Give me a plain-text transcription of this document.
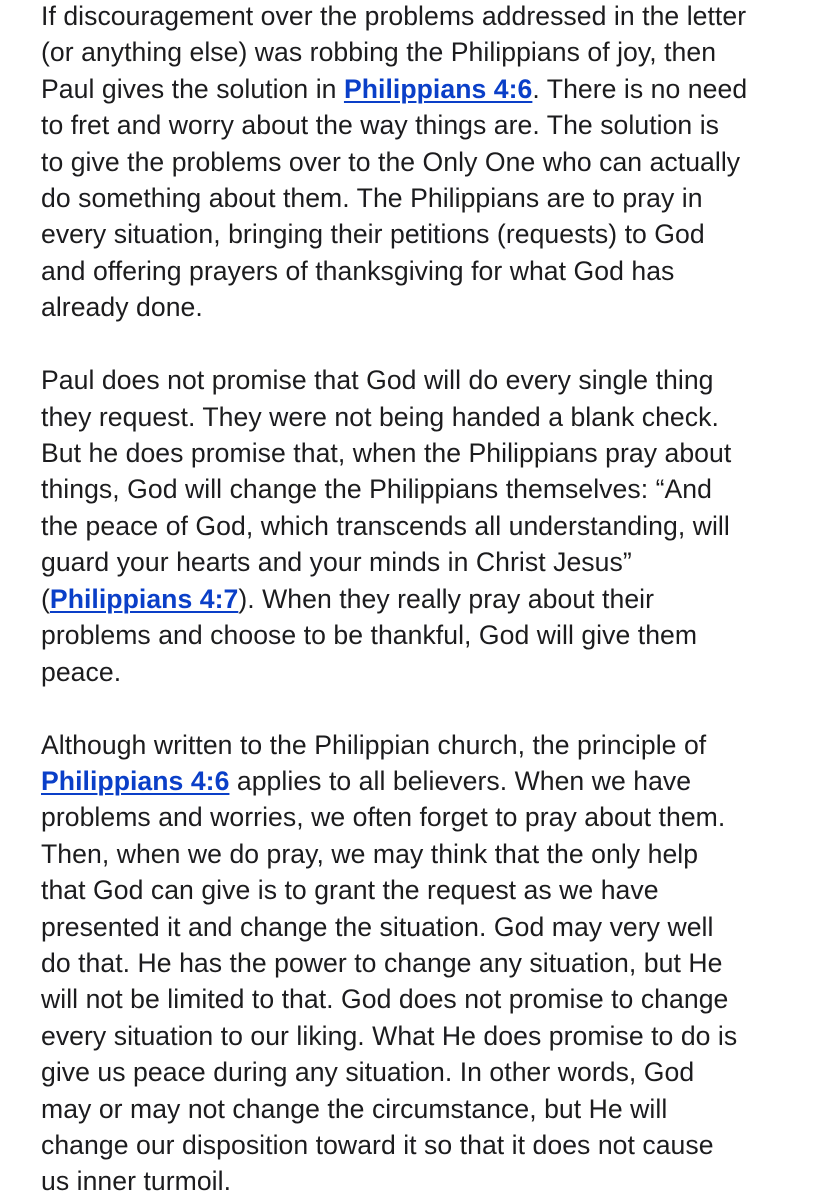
If discouragement over the problems addressed in the letter
(or anything else) was robbing the Philippians of joy, then
Paul gives the solution in Philippians 4:6. There is no need
to fret and worry about the way things are. The solution is
to give the problems over to the Only One who can actually
do something about them. The Philippians are to pray in
every situation, bringing their petitions (requests) to God
and offering prayers of thanksgiving for what God has
already done.
Paul does not promise that God will do every single thing
they request. They were not being handed a blank check.
But he does promise that, when the Philippians pray about
things, God will change the Philippians themselves: “And
the peace of God, which transcends all understanding, will
guard your hearts and your minds in Christ Jesus”
(Philippians 4:7). When they really pray about their
problems and choose to be thankful, God will give them
peace.
Although written to the Philippian church, the principle of
Philippians 4:6 applies to all believers. When we have
problems and worries, we often forget to pray about them.
Then, when we do pray, we may think that the only help
that God can give is to grant the request as we have
presented it and change the situation. God may very well
do that. He has the power to change any situation, but He
will not be limited to that. God does not promise to change
every situation to our liking. What He does promise to do is
give us peace during any situation. In other words, God
may or may not change the circumstance, but He will
change our disposition toward it so that it does not cause
us inner turmoil.
